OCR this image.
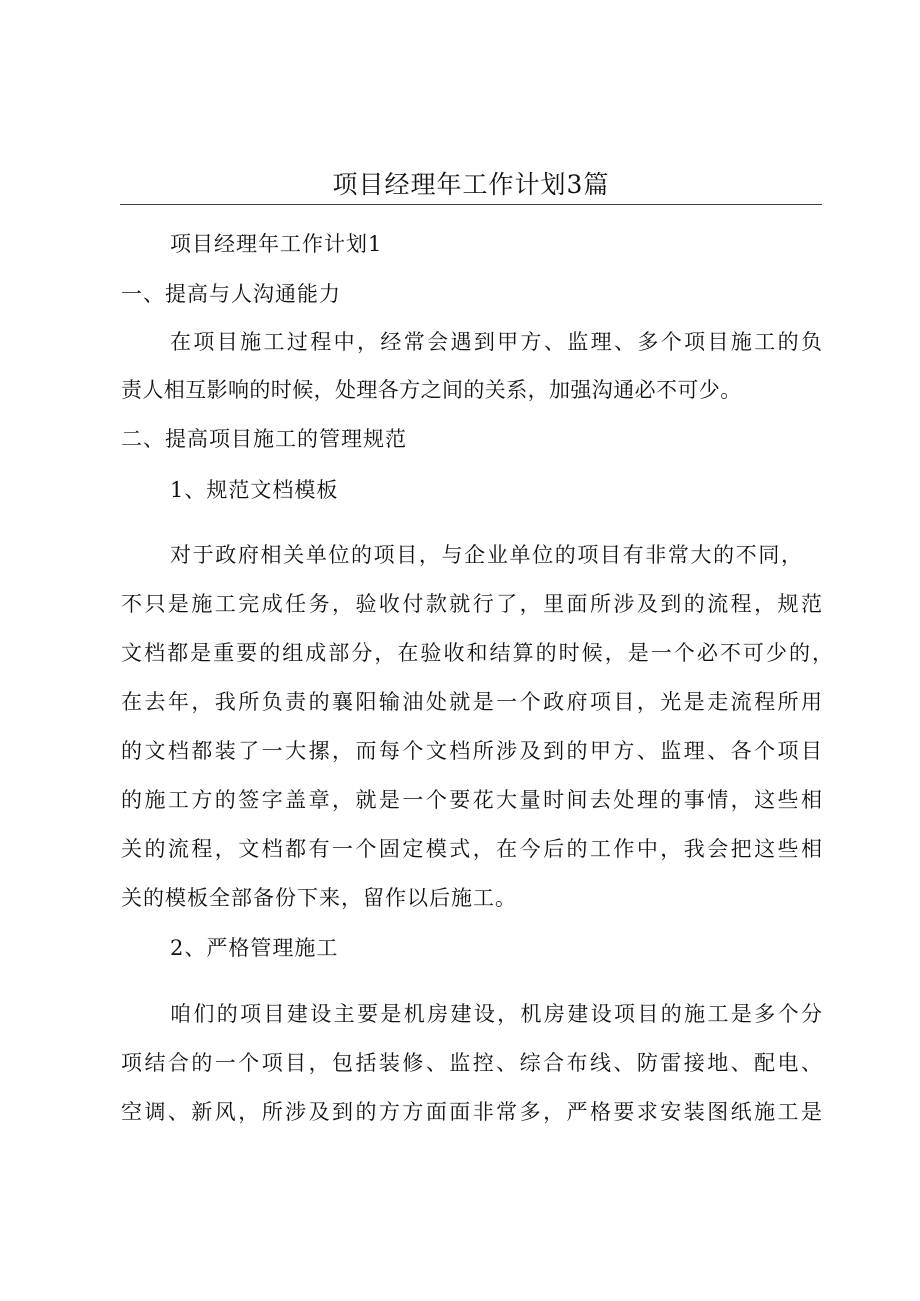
项目经理年工作计划3篇
项目经理年工作计划1
一、提高与人沟通能力
在项目施工过程中，经常会遇到甲方、监理、多个项目施工的负
责人相互影响的时候，处理各方之间的关系，加强沟通必不可少。
二、提高项目施工的管理规范
1、规范文档模板
对于政府相关单位的项目，与企业单位的项目有非常大的不同，
不只是施工完成任务，验收付款就行了，里面所涉及到的流程，规范
文档都是重要的组成部分，在验收和结算的时候，是一个必不可少的，
在去年，我所负责的襄阳输油处就是一个政府项目，光是走流程所用
的文档都装了一大摞，而每个文档所涉及到的甲方、监理、各个项目
的施工方的签字盖章，就是一个要花大量时间去处理的事情，这些相
关的流程，文档都有一个固定模式，在今后的工作中，我会把这些相
关的模板全部备份下来，留作以后施工。
2、严格管理施工
咱们的项目建设主要是机房建设，机房建设项目的施工是多个分
项结合的一个项目，包括装修、监控、综合布线、防雷接地、配电、
空调、新风，所涉及到的方方面面非常多，严格要求安装图纸施工是
